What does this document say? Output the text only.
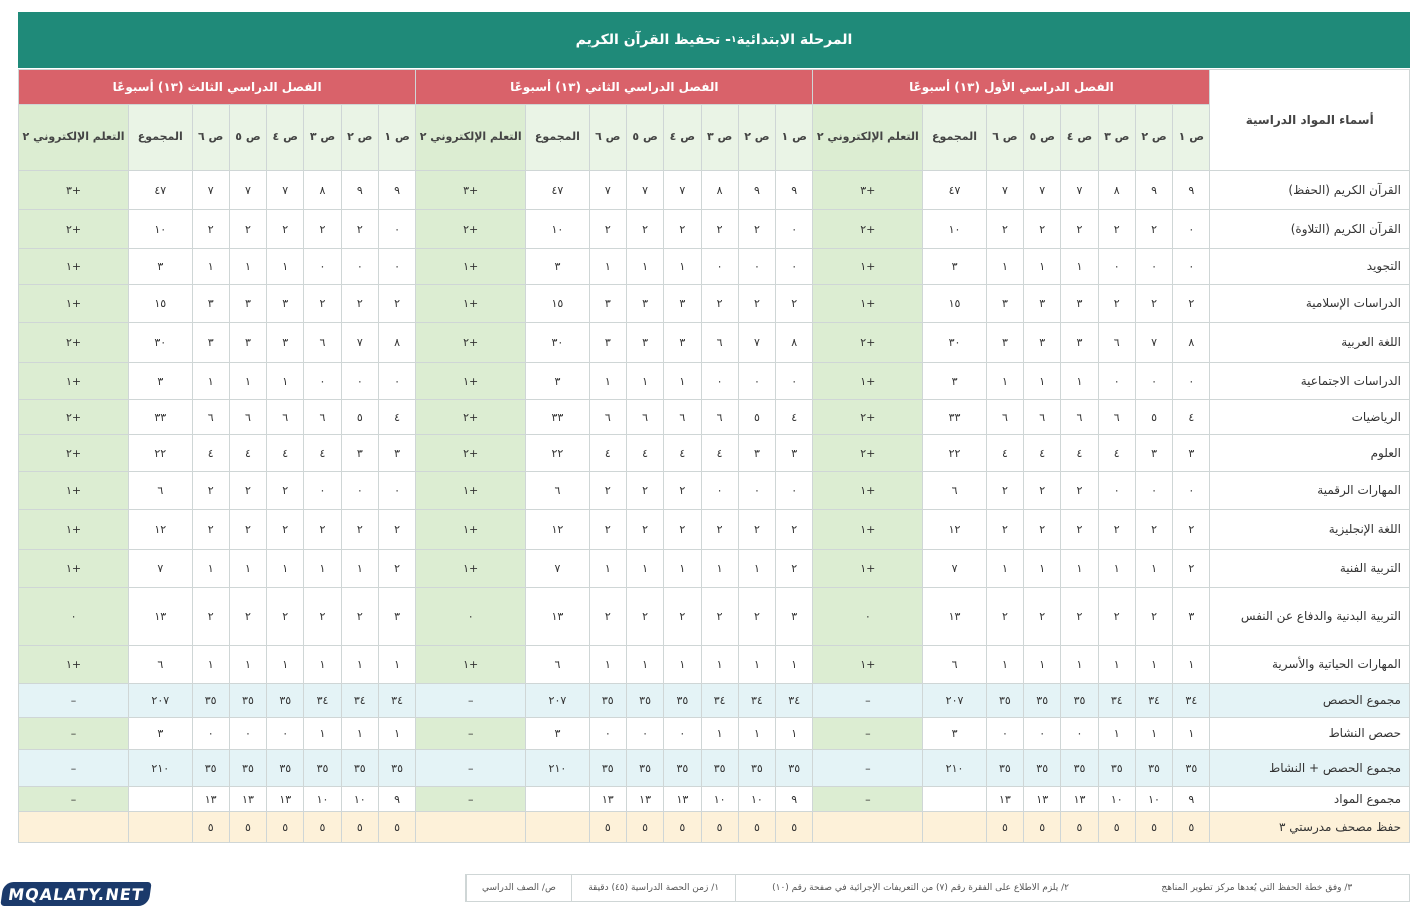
المرحلة الابتدائية
١
- تحفيظ القرآن الكريم
أسماء المواد الدراسية	الفصل الدراسي الأول (١٣) أسبوعًا								الفصل الدراسي الثاني (١٣) أسبوعًا								الفصل الدراسي الثالث (١٣) أسبوعًا							
	ص ١	ص ٢	ص ٣	ص ٤	ص ٥	ص ٦	المجموع	التعلم الإلكتروني ٢	ص ١	ص ٢	ص ٣	ص ٤	ص ٥	ص ٦	المجموع	التعلم الإلكتروني ٢	ص ١	ص ٢	ص ٣	ص ٤	ص ٥	ص ٦	المجموع	التعلم الإلكتروني ٢
القرآن الكريم (الحفظ)	٩	٩	٨	٧	٧	٧	٤٧	+٣	٩	٩	٨	٧	٧	٧	٤٧	+٣	٩	٩	٨	٧	٧	٧	٤٧	+٣
القرآن الكريم (التلاوة)	٠	٢	٢	٢	٢	٢	١٠	+٢	٠	٢	٢	٢	٢	٢	١٠	+٢	٠	٢	٢	٢	٢	٢	١٠	+٢
التجويد	٠	٠	٠	١	١	١	٣	+١	٠	٠	٠	١	١	١	٣	+١	٠	٠	٠	١	١	١	٣	+١
الدراسات الإسلامية	٢	٢	٢	٣	٣	٣	١٥	+١	٢	٢	٢	٣	٣	٣	١٥	+١	٢	٢	٢	٣	٣	٣	١٥	+١
اللغة العربية	٨	٧	٦	٣	٣	٣	٣٠	+٢	٨	٧	٦	٣	٣	٣	٣٠	+٢	٨	٧	٦	٣	٣	٣	٣٠	+٢
الدراسات الاجتماعية	٠	٠	٠	١	١	١	٣	+١	٠	٠	٠	١	١	١	٣	+١	٠	٠	٠	١	١	١	٣	+١
الرياضيات	٤	٥	٦	٦	٦	٦	٣٣	+٢	٤	٥	٦	٦	٦	٦	٣٣	+٢	٤	٥	٦	٦	٦	٦	٣٣	+٢
العلوم	٣	٣	٤	٤	٤	٤	٢٢	+٢	٣	٣	٤	٤	٤	٤	٢٢	+٢	٣	٣	٤	٤	٤	٤	٢٢	+٢
المهارات الرقمية	٠	٠	٠	٢	٢	٢	٦	+١	٠	٠	٠	٢	٢	٢	٦	+١	٠	٠	٠	٢	٢	٢	٦	+١
اللغة الإنجليزية	٢	٢	٢	٢	٢	٢	١٢	+١	٢	٢	٢	٢	٢	٢	١٢	+١	٢	٢	٢	٢	٢	٢	١٢	+١
التربية الفنية	٢	١	١	١	١	١	٧	+١	٢	١	١	١	١	١	٧	+١	٢	١	١	١	١	١	٧	+١
التربية البدنية والدفاع عن النفس	٣	٢	٢	٢	٢	٢	١٣	٠	٣	٢	٢	٢	٢	٢	١٣	٠	٣	٢	٢	٢	٢	٢	١٣	٠
المهارات الحياتية والأسرية	١	١	١	١	١	١	٦	+١	١	١	١	١	١	١	٦	+١	١	١	١	١	١	١	٦	+١
مجموع الحصص	٣٤	٣٤	٣٤	٣٥	٣٥	٣٥	٢٠٧	–	٣٤	٣٤	٣٤	٣٥	٣٥	٣٥	٢٠٧	–	٣٤	٣٤	٣٤	٣٥	٣٥	٣٥	٢٠٧	–
حصص النشاط	١	١	١	٠	٠	٠	٣	–	١	١	١	٠	٠	٠	٣	–	١	١	١	٠	٠	٠	٣	–
مجموع الحصص + النشاط	٣٥	٣٥	٣٥	٣٥	٣٥	٣٥	٢١٠	–	٣٥	٣٥	٣٥	٣٥	٣٥	٣٥	٢١٠	–	٣٥	٣٥	٣٥	٣٥	٣٥	٣٥	٢١٠	–
مجموع المواد	٩	١٠	١٠	١٣	١٣	١٣		–	٩	١٠	١٠	١٣	١٣	١٣		–	٩	١٠	١٠	١٣	١٣	١٣		–
حفظ مصحف مدرستي ٣	٥	٥	٥	٥	٥	٥			٥	٥	٥	٥	٥	٥			٥	٥	٥	٥	٥	٥		
ص/ الصف الدراسي	١/ زمن الحصة الدراسية (٤٥) دقيقة	٢/ يلزم الاطلاع على الفقرة رقم (٧) من التعريفات الإجرائية في صفحة رقم (١٠)	٣/ وفق خطة الحفظ التي يُعدها مركز تطوير المناهج
MQALATY.NET
